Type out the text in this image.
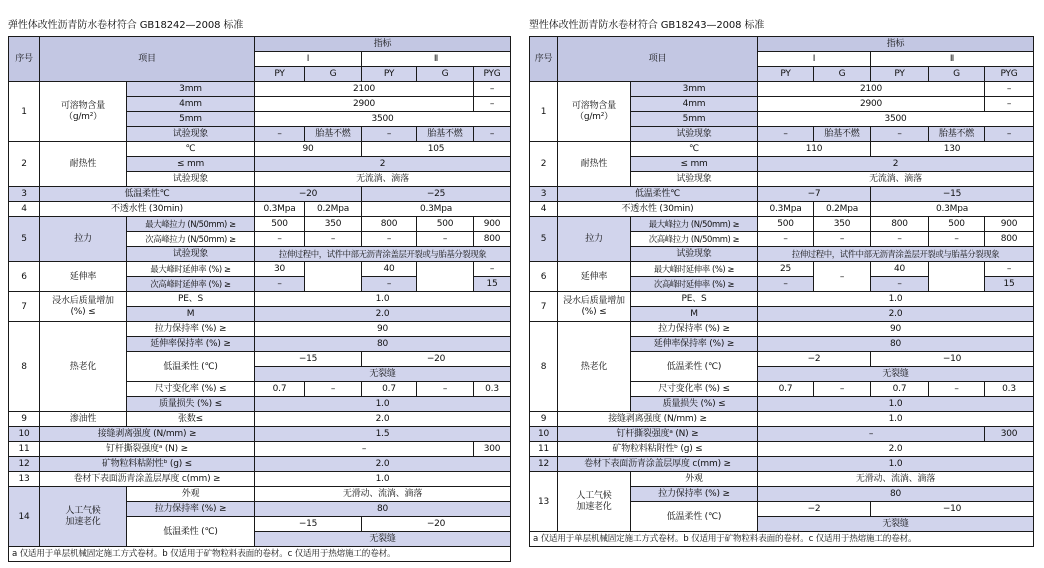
弹性体改性沥青防水卷材符合 GB18242—2008 标准
序号	项目		指标				
			Ⅰ		Ⅱ		
			PY	G	PY	G	PYG
1	可溶物含量
（g/m²）	3mm	2100				–
		4mm	2900				–
		5mm	3500				
		试验现象	–	胎基不燃	–	胎基不燃	–
2	耐热性	℃	90		105		
		≤ mm	2				
		试验现象	无流淌、滴落				
3	低温柔性℃		−20		−25		
4	不透水性 (30min)		0.3Mpa	0.2Mpa	0.3Mpa		
5	拉力	最大峰拉力 (N/50mm) ≥	500	350	800	500	900
		次高峰拉力 (N/50mm) ≥	–	–	–	–	800
		试验现象	拉伸过程中，试件中部无沥青涂盖层开裂或与胎基分裂现象				
6	延伸率	最大峰时延伸率 (%) ≥	30		40		–
		次高峰时延伸率 (%) ≥	–		–		15
7	浸水后质量增加
(%) ≤	PE、S	1.0				
		M	2.0				
8	热老化	拉力保持率 (%) ≥	90				
		延伸率保持率 (%) ≥	80				
		低温柔性 (℃)	−15		−20		
			无裂缝				
		尺寸变化率 (%) ≤	0.7	–	0.7	–	0.3
		质量损失 (%) ≤	1.0				
9	渗油性	张数≤	2.0				
10	接缝剥离强度 (N/mm) ≥		1.5				
11	钉杆撕裂强度ᵃ (N) ≥		–				300
12	矿物粒料粘附性ᵇ (g) ≤		2.0				
13	卷材下表面沥青涂盖层厚度 c(mm) ≥		1.0				
14	人工气候
加速老化	外观	无滑动、流淌、滴落				
		拉力保持率 (%) ≥	80				
		低温柔性 (℃)	−15		−20		
			无裂缝				
a 仅适用于单层机械固定施工方式卷材。b 仅适用于矿物粒料表面的卷材。c 仅适用于热熔施工的卷材。							
塑性体改性沥青防水卷材符合 GB18243—2008 标准
序号	项目		指标				
			Ⅰ		Ⅱ		
			PY	G	PY	G	PYG
1	可溶物含量
（g/m²）	3mm	2100				–
		4mm	2900				–
		5mm	3500				
		试验现象	–	胎基不燃	–	胎基不燃	–
2	耐热性	℃	110		130		
		≤ mm	2				
		试验现象	无流淌、滴落				
3	低温柔性℃		−7		−15		
4	不透水性 (30min)		0.3Mpa	0.2Mpa	0.3Mpa		
5	拉力	最大峰拉力 (N/50mm) ≥	500	350	800	500	900
		次高峰拉力 (N/50mm) ≥	–	–	–	–	800
		试验现象	拉伸过程中，试件中部无沥青涂盖层开裂或与胎基分裂现象				
6	延伸率	最大峰时延伸率 (%) ≥	25	–	40		–
		次高峰时延伸率 (%) ≥	–		–		15
7	浸水后质量增加
(%) ≤	PE、S	1.0				
		M	2.0				
8	热老化	拉力保持率 (%) ≥	90				
		延伸率保持率 (%) ≥	80				
		低温柔性 (℃)	−2		−10		
			无裂缝				
		尺寸变化率 (%) ≤	0.7	–	0.7	–	0.3
		质量损失 (%) ≤	1.0				
9	接缝剥离强度 (N/mm) ≥		1.0				
10	钉杆撕裂强度ᵃ (N) ≥		–				300
11	矿物粒料粘附性ᵇ (g) ≤		2.0				
12	卷材下表面沥青涂盖层厚度 c(mm) ≥		1.0				
13	人工气候
加速老化	外观	无滑动、流淌、滴落				
		拉力保持率 (%) ≥	80				
		低温柔性 (℃)	−2		−10		
			无裂缝				
a 仅适用于单层机械固定施工方式卷材。b 仅适用于矿物粒料表面的卷材。c 仅适用于热熔施工的卷材。							
